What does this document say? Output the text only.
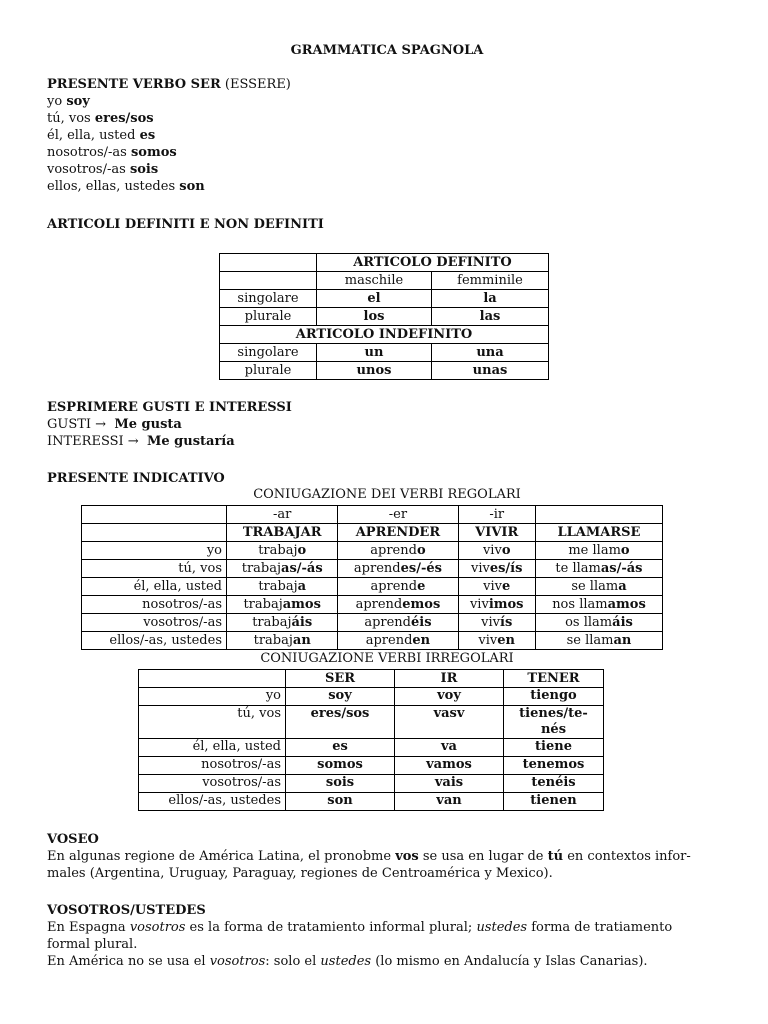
GRAMMATICA SPAGNOLA
PRESENTE VERBO SER (ESSERE)
yo soy
tú, vos eres/sos
él, ella, usted es
nosotros/-as somos
vosotros/-as sois
ellos, ellas, ustedes son
ARTICOLI DEFINITI E NON DEFINITI
	ARTICOLO DEFINITO	
	maschile	femminile
singolare	el	la
plurale	los	las
ARTICOLO INDEFINITO		
singolare	un	una
plurale	unos	unas
ESPRIMERE GUSTI E INTERESSI
GUSTI → Me gusta
INTERESSI → Me gustaría
PRESENTE INDICATIVO
CONIUGAZIONE DEI VERBI REGOLARI
	-ar	-er	-ir	
	TRABAJAR	APRENDER	VIVIR	LLAMARSE
yo	trabajo	aprendo	vivo	me llamo
tú, vos	trabajas/-ás	aprendes/-és	vives/ís	te llamas/-ás
él, ella, usted	trabaja	aprende	vive	se llama
nosotros/-as	trabajamos	aprendemos	vivimos	nos llamamos
vosotros/-as	trabajáis	aprendéis	vivís	os llamáis
ellos/-as, ustedes	trabajan	aprenden	viven	se llaman
CONIUGAZIONE VERBI IRREGOLARI
	SER	IR	TENER
yo	soy	voy	tiengo
tú, vos	eres/sos	vasv	tienes/te-
nés
él, ella, usted	es	va	tiene
nosotros/-as	somos	vamos	tenemos
vosotros/-as	sois	vais	tenéis
ellos/-as, ustedes	son	van	tienen
VOSEO
En algunas regione de América Latina, el pronobme vos se usa en lugar de tú en contextos infor-
males (Argentina, Uruguay, Paraguay, regiones de Centroamérica y Mexico).
VOSOTROS/USTEDES
En Espagna vosotros es la forma de tratamiento informal plural; ustedes forma de tratiamento
formal plural.
En América no se usa el vosotros: solo el ustedes (lo mismo en Andalucía y Islas Canarias).
